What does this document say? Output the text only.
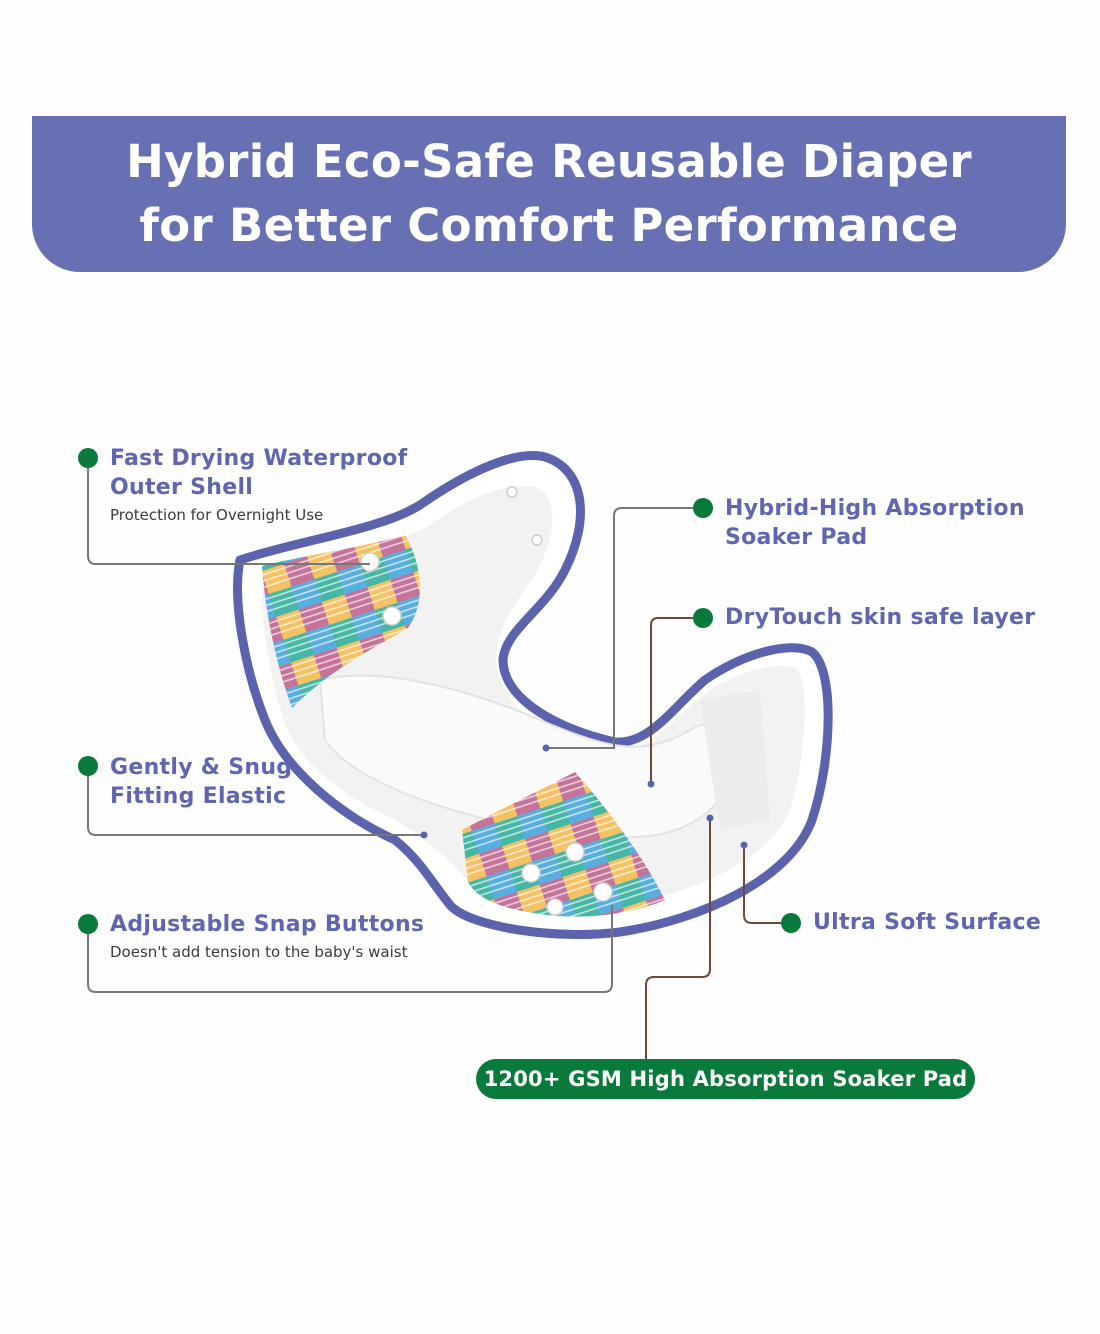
Hybrid Eco-Safe Reusable Diaper
for Better Comfort Performance
Fast Drying Waterproof
Outer Shell
Protection for Overnight Use	Hybrid-High Absorption
Soaker Pad
DryTouch skin safe layer
Gently & Snug
Fitting Elastic
Adjustable Snap Buttons
Doesn't add tension to the baby's waist
Ultra Soft Surface
1200+ GSM High Absorption Soaker Pad
